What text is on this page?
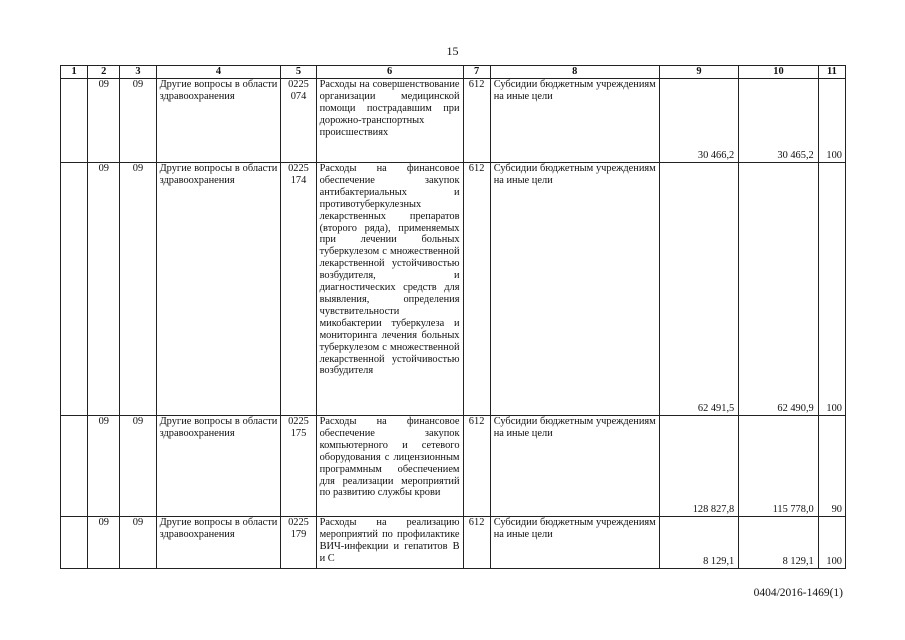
15
1	2	3	4	5	6	7	8	9	10	11
	09	09	Другие вопросы в области здравоохранения	0225 074	Расходы на совершенствование организации медицинской помощи пострадавшим при дорожно-транспортных происшествиях	612	Субсидии бюджетным учреждениям на иные цели	30 466,2	30 465,2	100
	09	09	Другие вопросы в области здравоохранения	0225 174	Расходы на финансовое обеспечение закупок антибактериальных и противотуберкулезных лекарственных препаратов (второго ряда), применяемых при лечении больных туберкулезом с множественной лекарственной устойчивостью возбудителя, и диагностических средств для выявления, определения чувствительности микобактерии туберкулеза и мониторинга лечения больных туберкулезом с множественной лекарственной устойчивостью возбудителя	612	Субсидии бюджетным учреждениям на иные цели	62 491,5	62 490,9	100
	09	09	Другие вопросы в области здравоохранения	0225 175	Расходы на финансовое обеспечение закупок компьютерного и сетевого оборудования с лицензионным программным обеспечением для реализации мероприятий по развитию службы крови	612	Субсидии бюджетным учреждениям на иные цели	128 827,8	115 778,0	90
	09	09	Другие вопросы в области здравоохранения	0225 179	Расходы на реализацию мероприятий по профилактике ВИЧ-инфекции и гепатитов В и С	612	Субсидии бюджетным учреждениям на иные цели	8 129,1	8 129,1	100
0404/2016-1469(1)
